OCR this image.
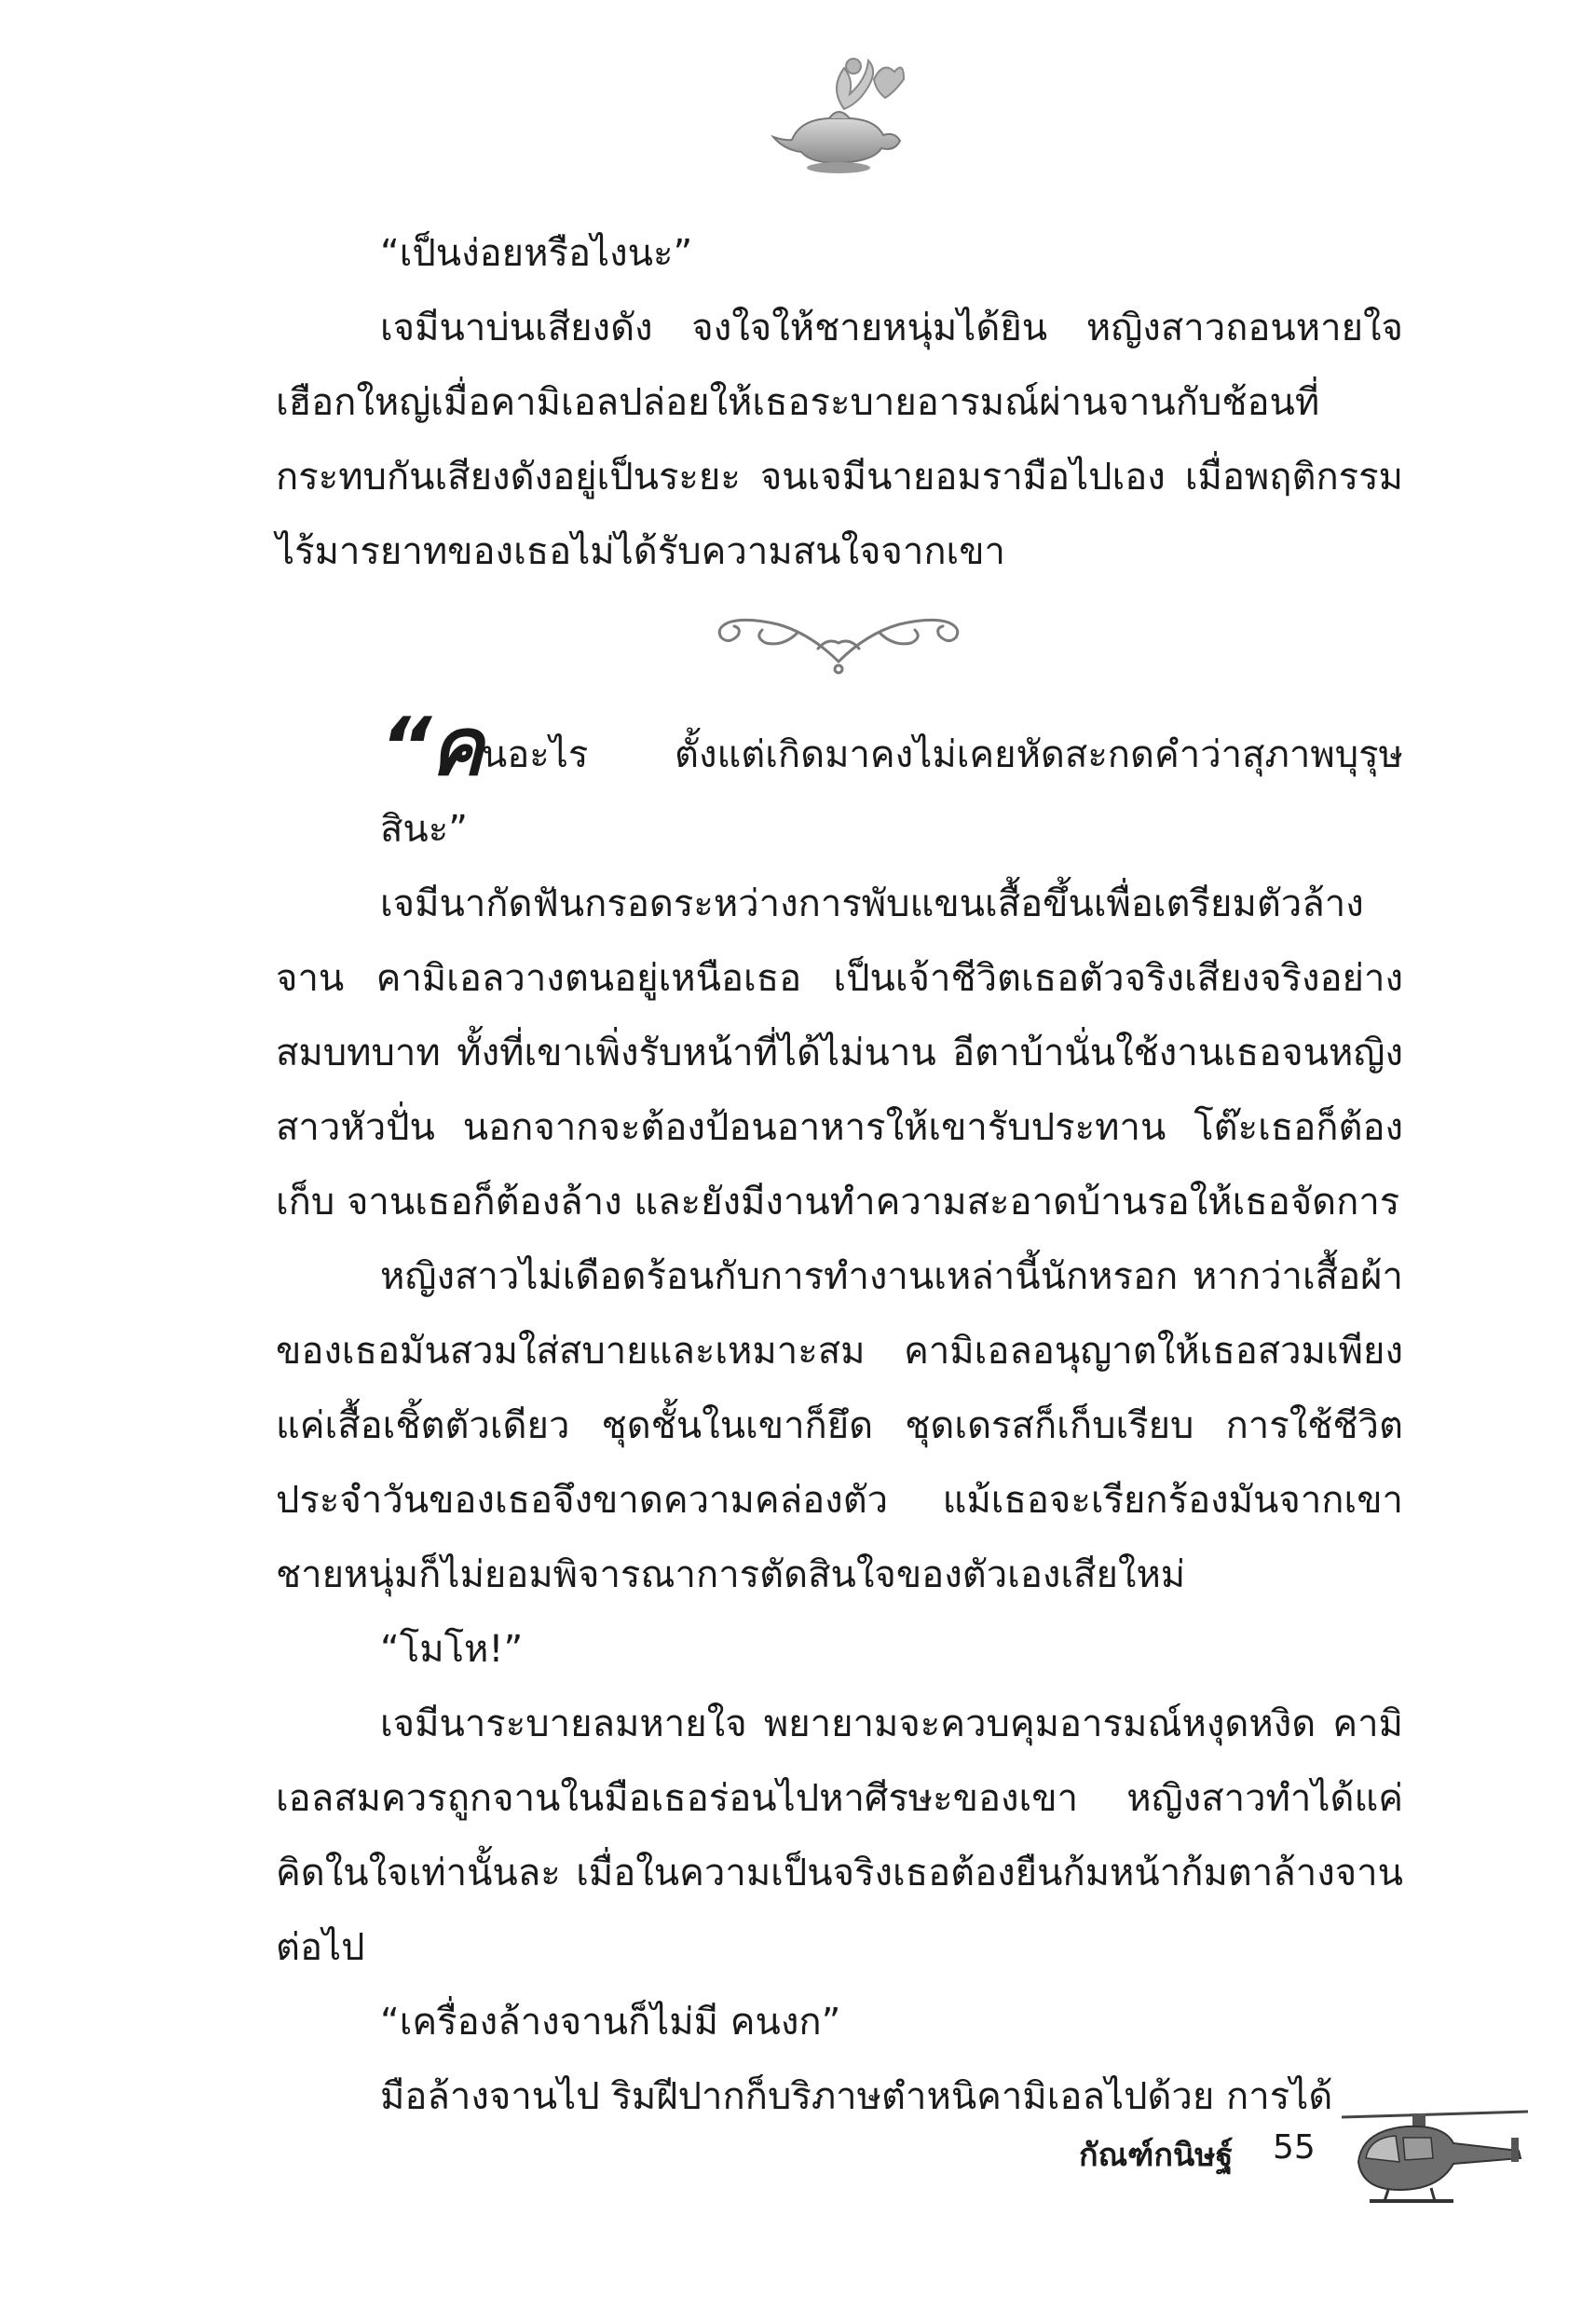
“เป็นง่อยหรือไงนะ”

เจมีนาบ่นเสียงดัง จงใจให้ชายหนุ่มได้ยิน หญิงสาวถอนหายใจเฮือกใหญ่เมื่อคามิเอลปล่อยให้เธอระบายอารมณ์ผ่านจานกับช้อนที่กระทบกันเสียงดังอยู่เป็นระยะ จนเจมีนายอมรามือไปเอง เมื่อพฤติกรรมไร้มารยาทของเธอไม่ได้รับความสนใจจากเขา

“คนอะไร ตั้งแต่เกิดมาคงไม่เคยหัดสะกดคำว่าสุภาพบุรุษสินะ”

เจมีนากัดฟันกรอดระหว่างการพับแขนเสื้อขึ้นเพื่อเตรียมตัวล้างจาน คามิเอลวางตนอยู่เหนือเธอ เป็นเจ้าชีวิตเธอตัวจริงเสียงจริงอย่างสมบทบาท ทั้งที่เขาเพิ่งรับหน้าที่ได้ไม่นาน อีตาบ้านั่นใช้งานเธอจนหญิงสาวหัวปั่น นอกจากจะต้องป้อนอาหารให้เขารับประทาน โต๊ะเธอก็ต้องเก็บ จานเธอก็ต้องล้าง และยังมีงานทำความสะอาดบ้านรอให้เธอจัดการ

หญิงสาวไม่เดือดร้อนกับการทำงานเหล่านี้นักหรอก หากว่าเสื้อผ้าของเธอมันสวมใส่สบายและเหมาะสม คามิเอลอนุญาตให้เธอสวมเพียงแค่เสื้อเชิ้ตตัวเดียว ชุดชั้นในเขาก็ยึด ชุดเดรสก็เก็บเรียบ การใช้ชีวิตประจำวันของเธอจึงขาดความคล่องตัว แม้เธอจะเรียกร้องมันจากเขา ชายหนุ่มก็ไม่ยอมพิจารณาการตัดสินใจของตัวเองเสียใหม่

“โมโห!”

เจมีนาระบายลมหายใจ พยายามจะควบคุมอารมณ์หงุดหงิด คามิเอลสมควรถูกจานในมือเธอร่อนไปหาศีรษะของเขา หญิงสาวทำได้แค่คิดในใจเท่านั้นละ เมื่อในความเป็นจริงเธอต้องยืนก้มหน้าก้มตาล้างจานต่อไป

“เครื่องล้างจานก็ไม่มี คนงก”

มือล้างจานไป ริมฝีปากก็บริภาษตำหนิคามิเอลไปด้วย การได้

กัณฑ์กนิษฐ์ 55
